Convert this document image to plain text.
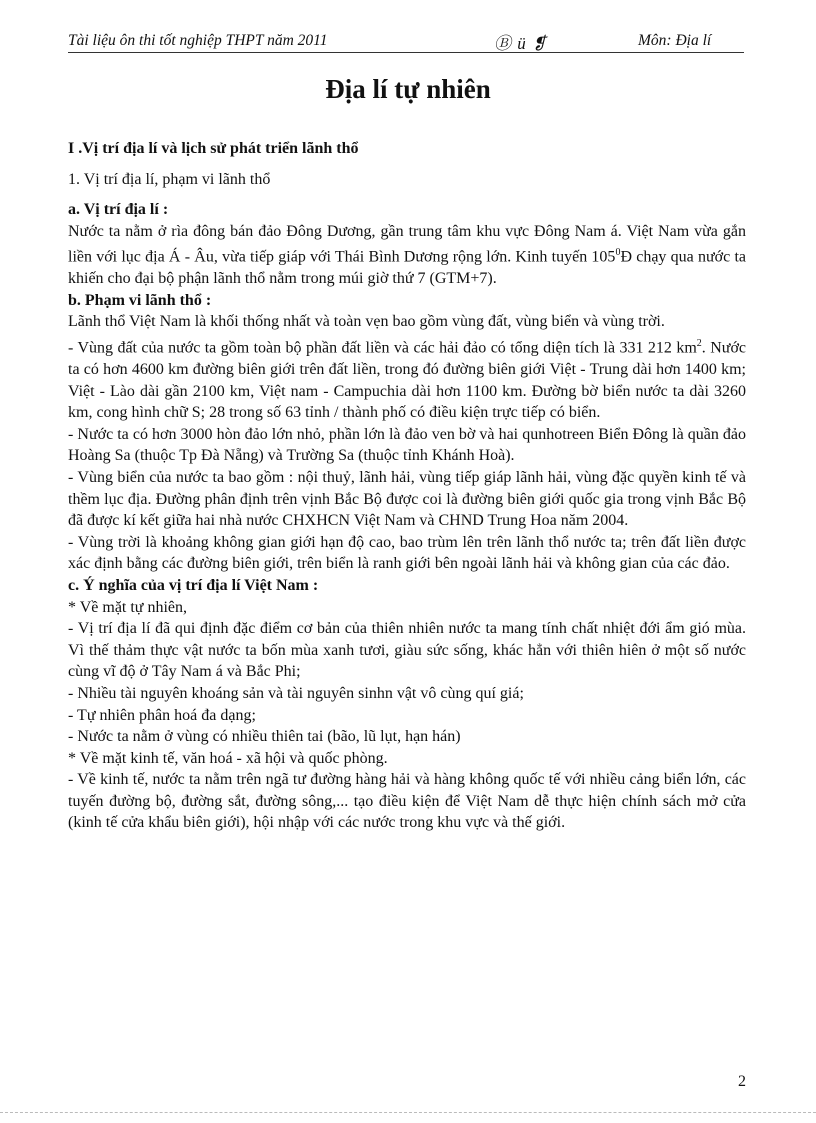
Tài liệu ôn thi tốt nghiệp THPT năm 2011	Ⓑ ü ❡	Môn: Địa lí
Địa lí tự nhiên

I .Vị trí địa lí và lịch sử phát triển lãnh thổ

1. Vị trí địa lí, phạm vi lãnh thổ

a. Vị trí địa lí :

Nước ta nằm ở rìa đông bán đảo Đông Dương, gần trung tâm khu vực Đông Nam á. Việt Nam vừa gắn liền với lục địa Á - Âu, vừa tiếp giáp với Thái Bình Dương rộng lớn. Kinh tuyến $105^0Đ$ chạy qua nước ta khiến cho đại bộ phận lãnh thổ nằm trong múi giờ thứ 7 (GTM+7).

b. Phạm vi lãnh thổ :

Lãnh thổ Việt Nam là khối thống nhất và toàn vẹn bao gồm vùng đất, vùng biển và vùng trời.

- Vùng đất của nước ta gồm toàn bộ phần đất liền và các hải đảo có tổng diện tích là 331 212 $km^2$. Nước ta có hơn 4600 km đường biên giới trên đất liền, trong đó đường biên giới Việt - Trung dài hơn 1400 km; Việt - Lào dài gần 2100 km, Việt nam - Campuchia dài hơn 1100 km. Đường bờ biển nước ta dài 3260 km, cong hình chữ S; 28 trong số 63 tỉnh / thành phố có điều kiện trực tiếp có biển.

- Nước ta có hơn 3000 hòn đảo lớn nhỏ, phần lớn là đảo ven bờ và hai qunhotreen Biển Đông là quần đảo Hoàng Sa (thuộc Tp Đà Nẵng) và Trường Sa (thuộc tỉnh Khánh Hoà).

- Vùng biển của nước ta bao gồm : nội thuỷ, lãnh hải, vùng tiếp giáp lãnh hải, vùng đặc quyền kinh tế và thềm lục địa. Đường phân định trên vịnh Bắc Bộ được coi là đường biên giới quốc gia trong vịnh Bắc Bộ đã được kí kết giữa hai nhà nước CHXHCN Việt Nam và CHND Trung Hoa năm 2004.

- Vùng trời là khoảng không gian giới hạn độ cao, bao trùm lên trên lãnh thổ nước ta; trên đất liền được xác định bằng các đường biên giới, trên biển là ranh giới bên ngoài lãnh hải và không gian của các đảo.

c. Ý nghĩa của vị trí địa lí Việt Nam :

* Về mặt tự nhiên,

- Vị trí địa lí đã qui định đặc điểm cơ bản của thiên nhiên nước ta mang tính chất nhiệt đới ẩm gió mùa. Vì thế thảm thực vật nước ta bốn mùa xanh tươi, giàu sức sống, khác hẳn với thiên hiên ở một số nước cùng vĩ độ ở Tây Nam á và Bắc Phi;

- Nhiều tài nguyên khoáng sản và tài nguyên sinhn vật vô cùng quí giá;

- Tự nhiên phân hoá đa dạng;

- Nước ta nằm ở vùng có nhiều thiên tai (bão, lũ lụt, hạn hán)

* Về mặt kinh tế, văn hoá - xã hội và quốc phòng.

- Về kinh tế, nước ta nằm trên ngã tư đường hàng hải và hàng không quốc tế với nhiều cảng biển lớn, các tuyến đường bộ, đường sắt, đường sông,... tạo điều kiện để Việt Nam dễ thực hiện chính sách mở cửa (kinh tế cửa khẩu biên giới), hội nhập với các nước trong khu vực và thế giới.

2
